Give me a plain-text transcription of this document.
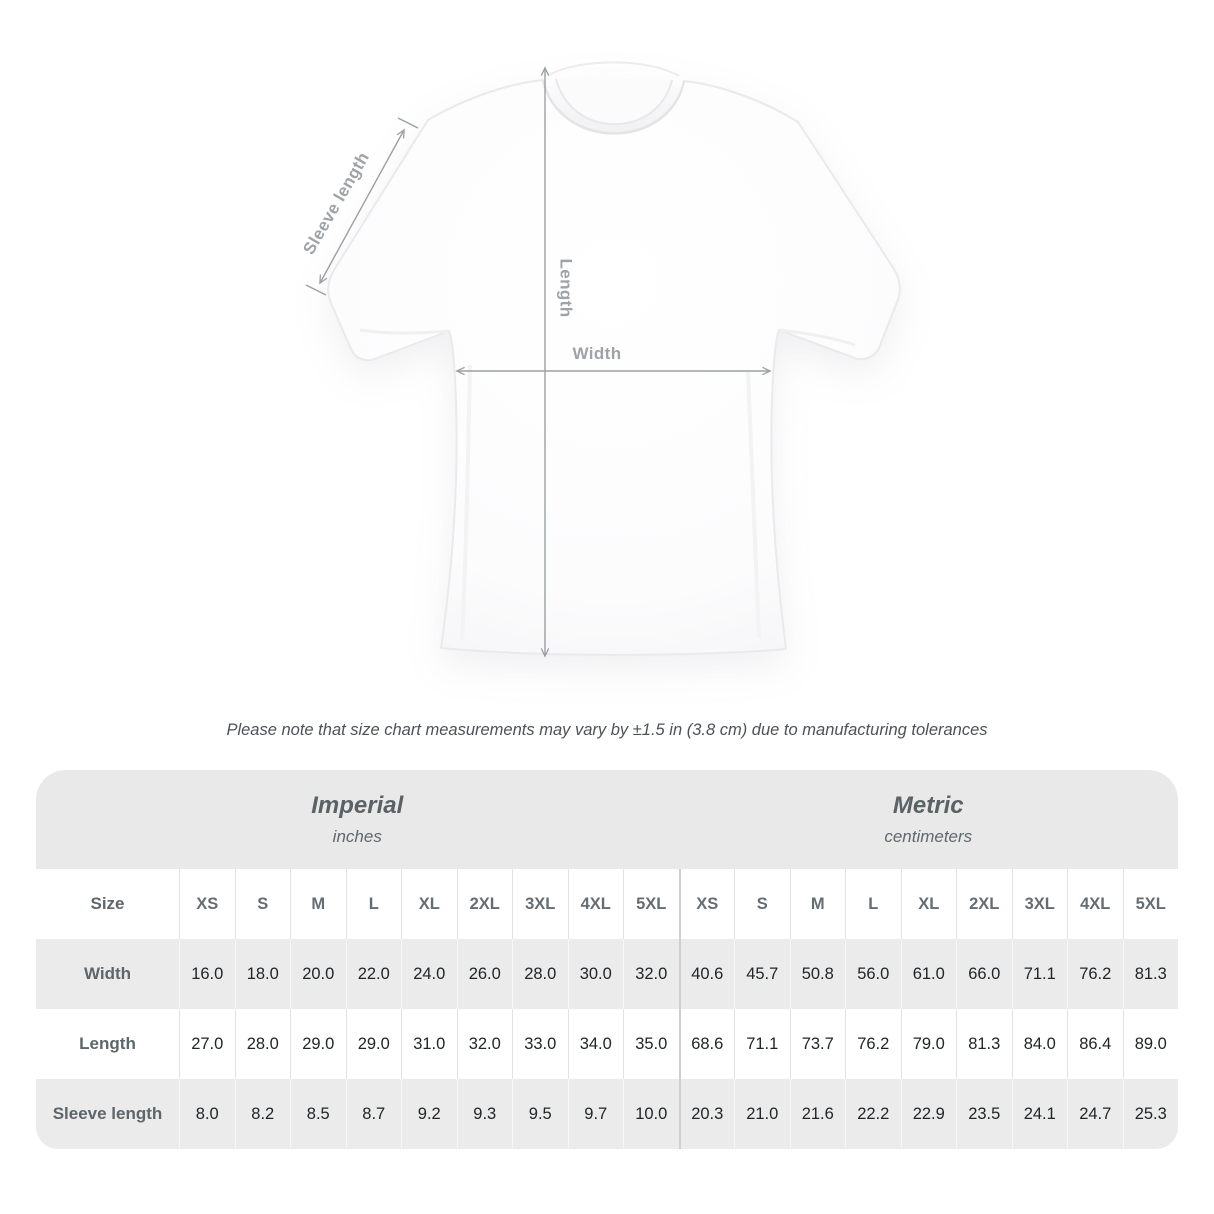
Sleeve length
Length
Width

Please note that size chart measurements may vary by ±1.5 in (3.8 cm) due to manufacturing tolerances

Imperial
inches

Metric
centimeters

Size	XS	S	M	L	XL	2XL	3XL	4XL	5XL	XS	S	M	L	XL	2XL	3XL	4XL	5XL
Width	16.0	18.0	20.0	22.0	24.0	26.0	28.0	30.0	32.0	40.6	45.7	50.8	56.0	61.0	66.0	71.1	76.2	81.3
Length	27.0	28.0	29.0	29.0	31.0	32.0	33.0	34.0	35.0	68.6	71.1	73.7	76.2	79.0	81.3	84.0	86.4	89.0
Sleeve length	8.0	8.2	8.5	8.7	9.2	9.3	9.5	9.7	10.0	20.3	21.0	21.6	22.2	22.9	23.5	24.1	24.7	25.3
